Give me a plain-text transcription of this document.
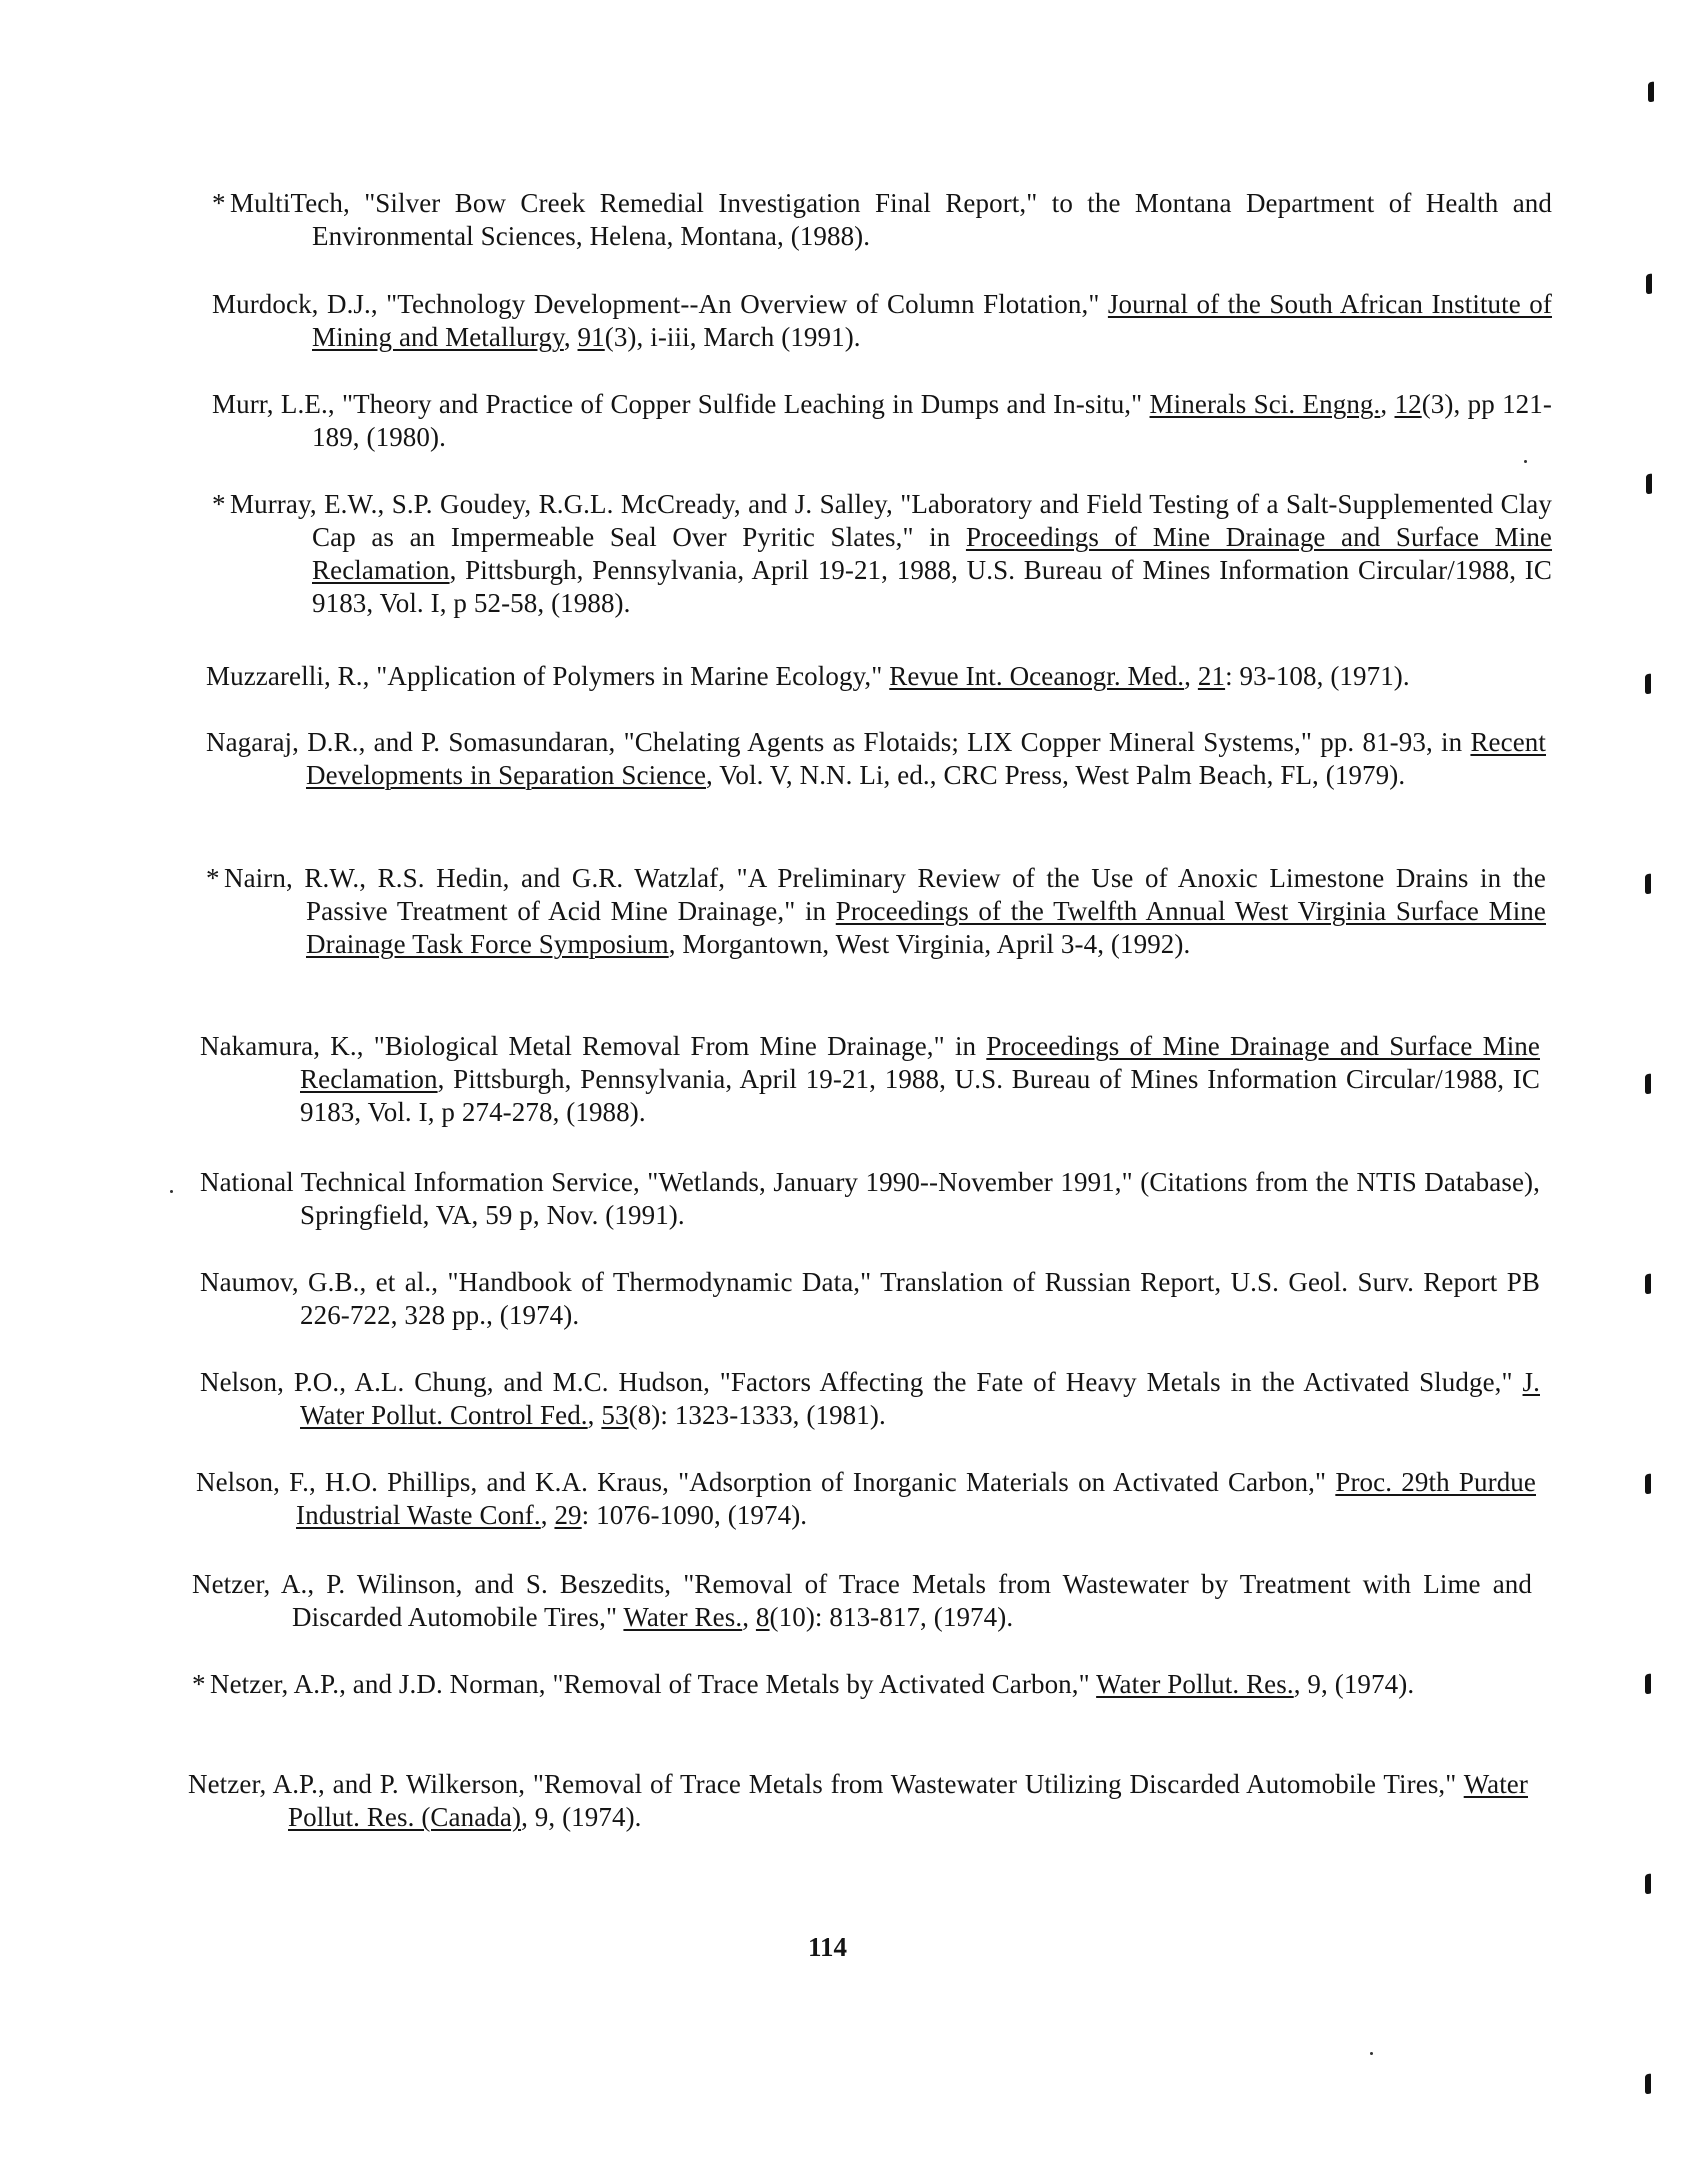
* MultiTech, "Silver Bow Creek Remedial Investigation Final Report," to the Montana Department of Health and Environmental Sciences, Helena, Montana, (1988).
Murdock, D.J., "Technology Development--An Overview of Column Flotation," Journal of the South African Institute of Mining and Metallurgy, 91(3), i-iii, March (1991).
Murr, L.E., "Theory and Practice of Copper Sulfide Leaching in Dumps and In-situ," Minerals Sci. Engng., 12(3), pp 121-189, (1980).
* Murray, E.W., S.P. Goudey, R.G.L. McCready, and J. Salley, "Laboratory and Field Testing of a Salt-Supplemented Clay Cap as an Impermeable Seal Over Pyritic Slates," in Proceedings of Mine Drainage and Surface Mine Reclamation, Pittsburgh, Pennsylvania, April 19-21, 1988, U.S. Bureau of Mines Information Circular/1988, IC 9183, Vol. I, p 52-58, (1988).
Muzzarelli, R., "Application of Polymers in Marine Ecology," Revue Int. Oceanogr. Med., 21: 93-108, (1971).
Nagaraj, D.R., and P. Somasundaran, "Chelating Agents as Flotaids; LIX Copper Mineral Systems," pp. 81-93, in Recent Developments in Separation Science, Vol. V, N.N. Li, ed., CRC Press, West Palm Beach, FL, (1979).
* Nairn, R.W., R.S. Hedin, and G.R. Watzlaf, "A Preliminary Review of the Use of Anoxic Limestone Drains in the Passive Treatment of Acid Mine Drainage," in Proceedings of the Twelfth Annual West Virginia Surface Mine Drainage Task Force Symposium, Morgantown, West Virginia, April 3-4, (1992).
Nakamura, K., "Biological Metal Removal From Mine Drainage," in Proceedings of Mine Drainage and Surface Mine Reclamation, Pittsburgh, Pennsylvania, April 19-21, 1988, U.S. Bureau of Mines Information Circular/1988, IC 9183, Vol. I, p 274-278, (1988).
National Technical Information Service, "Wetlands, January 1990--November 1991," (Citations from the NTIS Database), Springfield, VA, 59 p, Nov. (1991).
Naumov, G.B., et al., "Handbook of Thermodynamic Data," Translation of Russian Report, U.S. Geol. Surv. Report PB 226-722, 328 pp., (1974).
Nelson, P.O., A.L. Chung, and M.C. Hudson, "Factors Affecting the Fate of Heavy Metals in the Activated Sludge," J. Water Pollut. Control Fed., 53(8): 1323-1333, (1981).
Nelson, F., H.O. Phillips, and K.A. Kraus, "Adsorption of Inorganic Materials on Activated Carbon," Proc. 29th Purdue Industrial Waste Conf., 29: 1076-1090, (1974).
Netzer, A., P. Wilinson, and S. Beszedits, "Removal of Trace Metals from Wastewater by Treatment with Lime and Discarded Automobile Tires," Water Res., 8(10): 813-817, (1974).
* Netzer, A.P., and J.D. Norman, "Removal of Trace Metals by Activated Carbon," Water Pollut. Res., 9, (1974).
Netzer, A.P., and P. Wilkerson, "Removal of Trace Metals from Wastewater Utilizing Discarded Automobile Tires," Water Pollut. Res. (Canada), 9, (1974).
114
